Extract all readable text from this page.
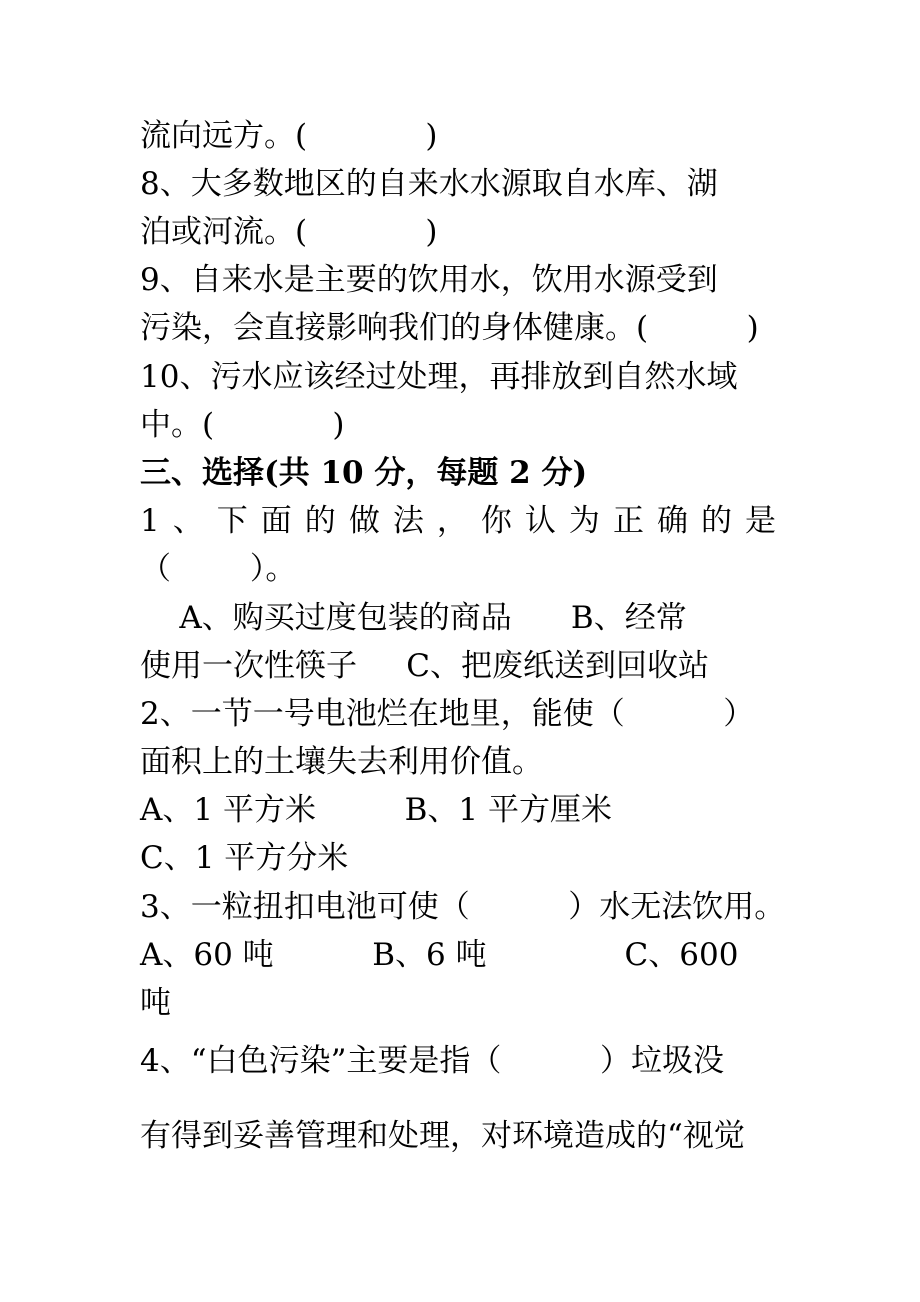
流向远方。(            )
8、大多数地区的自来水水源取自水库、湖
泊或河流。(            )
9、自来水是主要的饮用水，饮用水源受到
污染，会直接影响我们的身体健康。(          )
10、污水应该经过处理，再排放到自然水域
中。(            )
三、选择(共 10 分，每题 2 分)
1、下面的做法，你认为正确的是
（        ）。
A、购买过度包装的商品      B、经常
使用一次性筷子     C、把废纸送到回收站
2、一节一号电池烂在地里，能使（          ）
面积上的土壤失去利用价值。
A、1 平方米         B、1 平方厘米
C、1 平方分米
3、一粒扭扣电池可使（          ）水无法饮用。
A、60 吨          B、6 吨              C、600
吨
4、“白色污染”主要是指（          ）垃圾没
有得到妥善管理和处理，对环境造成的“视觉
